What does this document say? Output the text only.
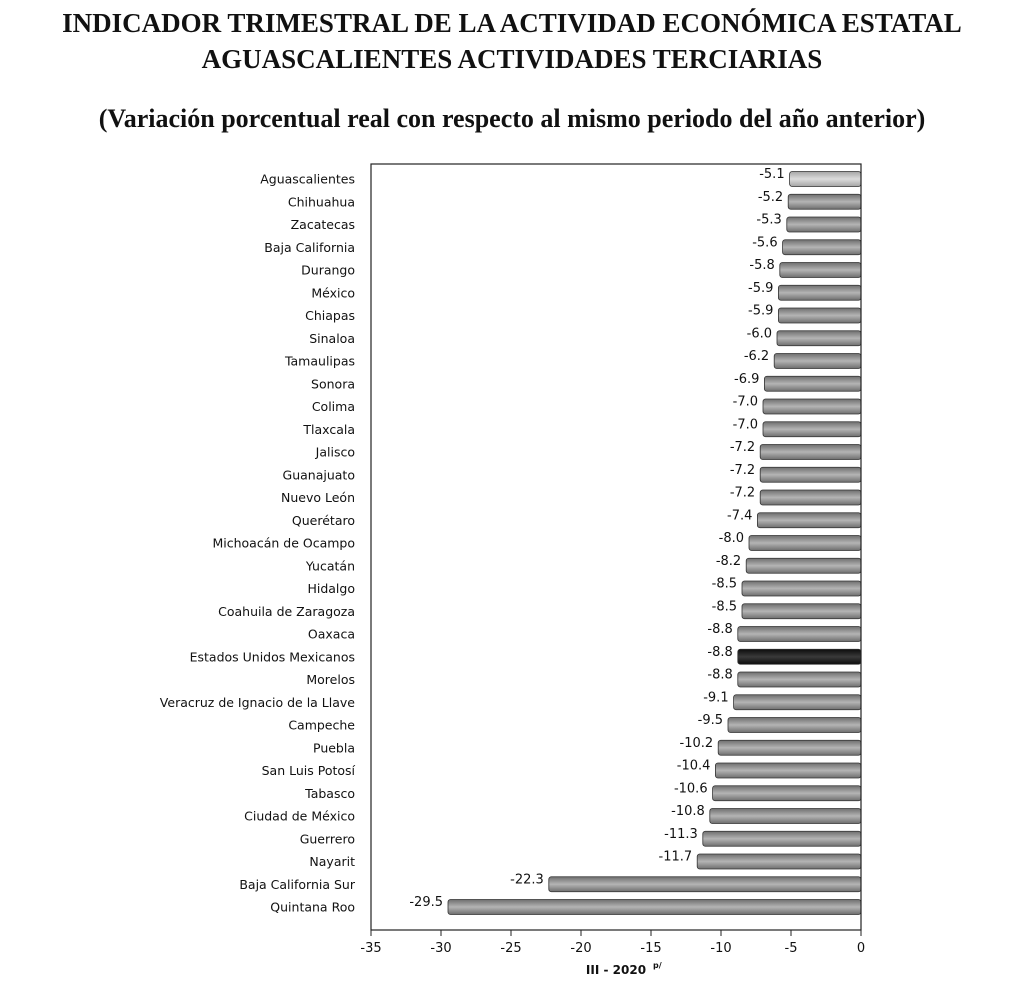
INDICADOR TRIMESTRAL DE LA ACTIVIDAD ECONÓMICA ESTATAL
AGUASCALIENTES ACTIVIDADES TERCIARIAS
(Variación porcentual real con respecto al mismo periodo del año anterior)
Aguascalientes	-5.1
Chihuahua	-5.2
Zacatecas	-5.3
Baja California	-5.6
Durango	-5.8
México	-5.9
Chiapas	-5.9
Sinaloa	-6.0
Tamaulipas	-6.2
Sonora	-6.9
Colima	-7.0
Tlaxcala	-7.0
Jalisco	-7.2
Guanajuato	-7.2
Nuevo León	-7.2
Querétaro	-7.4
Michoacán de Ocampo	-8.0
Yucatán	-8.2
Hidalgo	-8.5
Coahuila de Zaragoza	-8.5
Oaxaca	-8.8
Estados Unidos Mexicanos	-8.8
Morelos	-8.8
Veracruz de Ignacio de la Llave	-9.1
Campeche	-9.5
Puebla	-10.2
San Luis Potosí	-10.4
Tabasco	-10.6
Ciudad de México	-10.8
Guerrero	-11.3
Nayarit	-11.7
Baja California Sur	-22.3
Quintana Roo	-29.5
-35	-30	-25	-20	-15	-10	-5	0
III - 2020 p/
